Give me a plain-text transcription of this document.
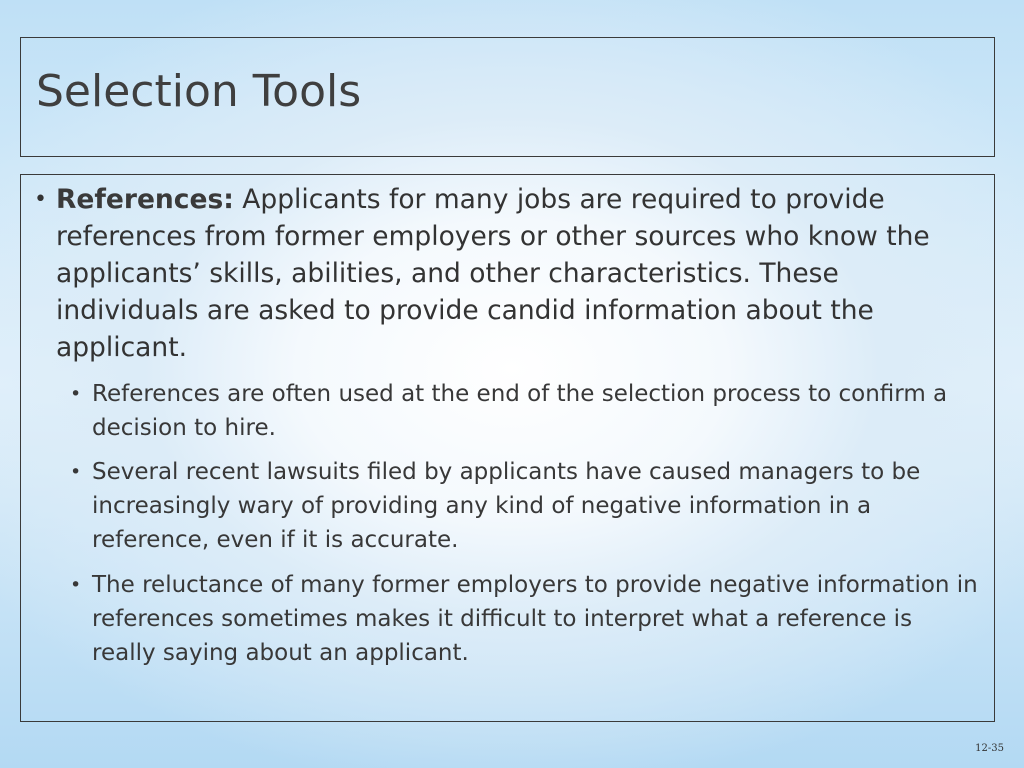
Selection Tools
• References: Applicants for many jobs are required to provide references from former employers or other sources who know the applicants’ skills, abilities, and other characteristics. These individuals are asked to provide candid information about the applicant.
• References are often used at the end of the selection process to confirm a decision to hire.
• Several recent lawsuits filed by applicants have caused managers to be increasingly wary of providing any kind of negative information in a reference, even if it is accurate.
• The reluctance of many former employers to provide negative information in references sometimes makes it difficult to interpret what a reference is really saying about an applicant.
12-35
